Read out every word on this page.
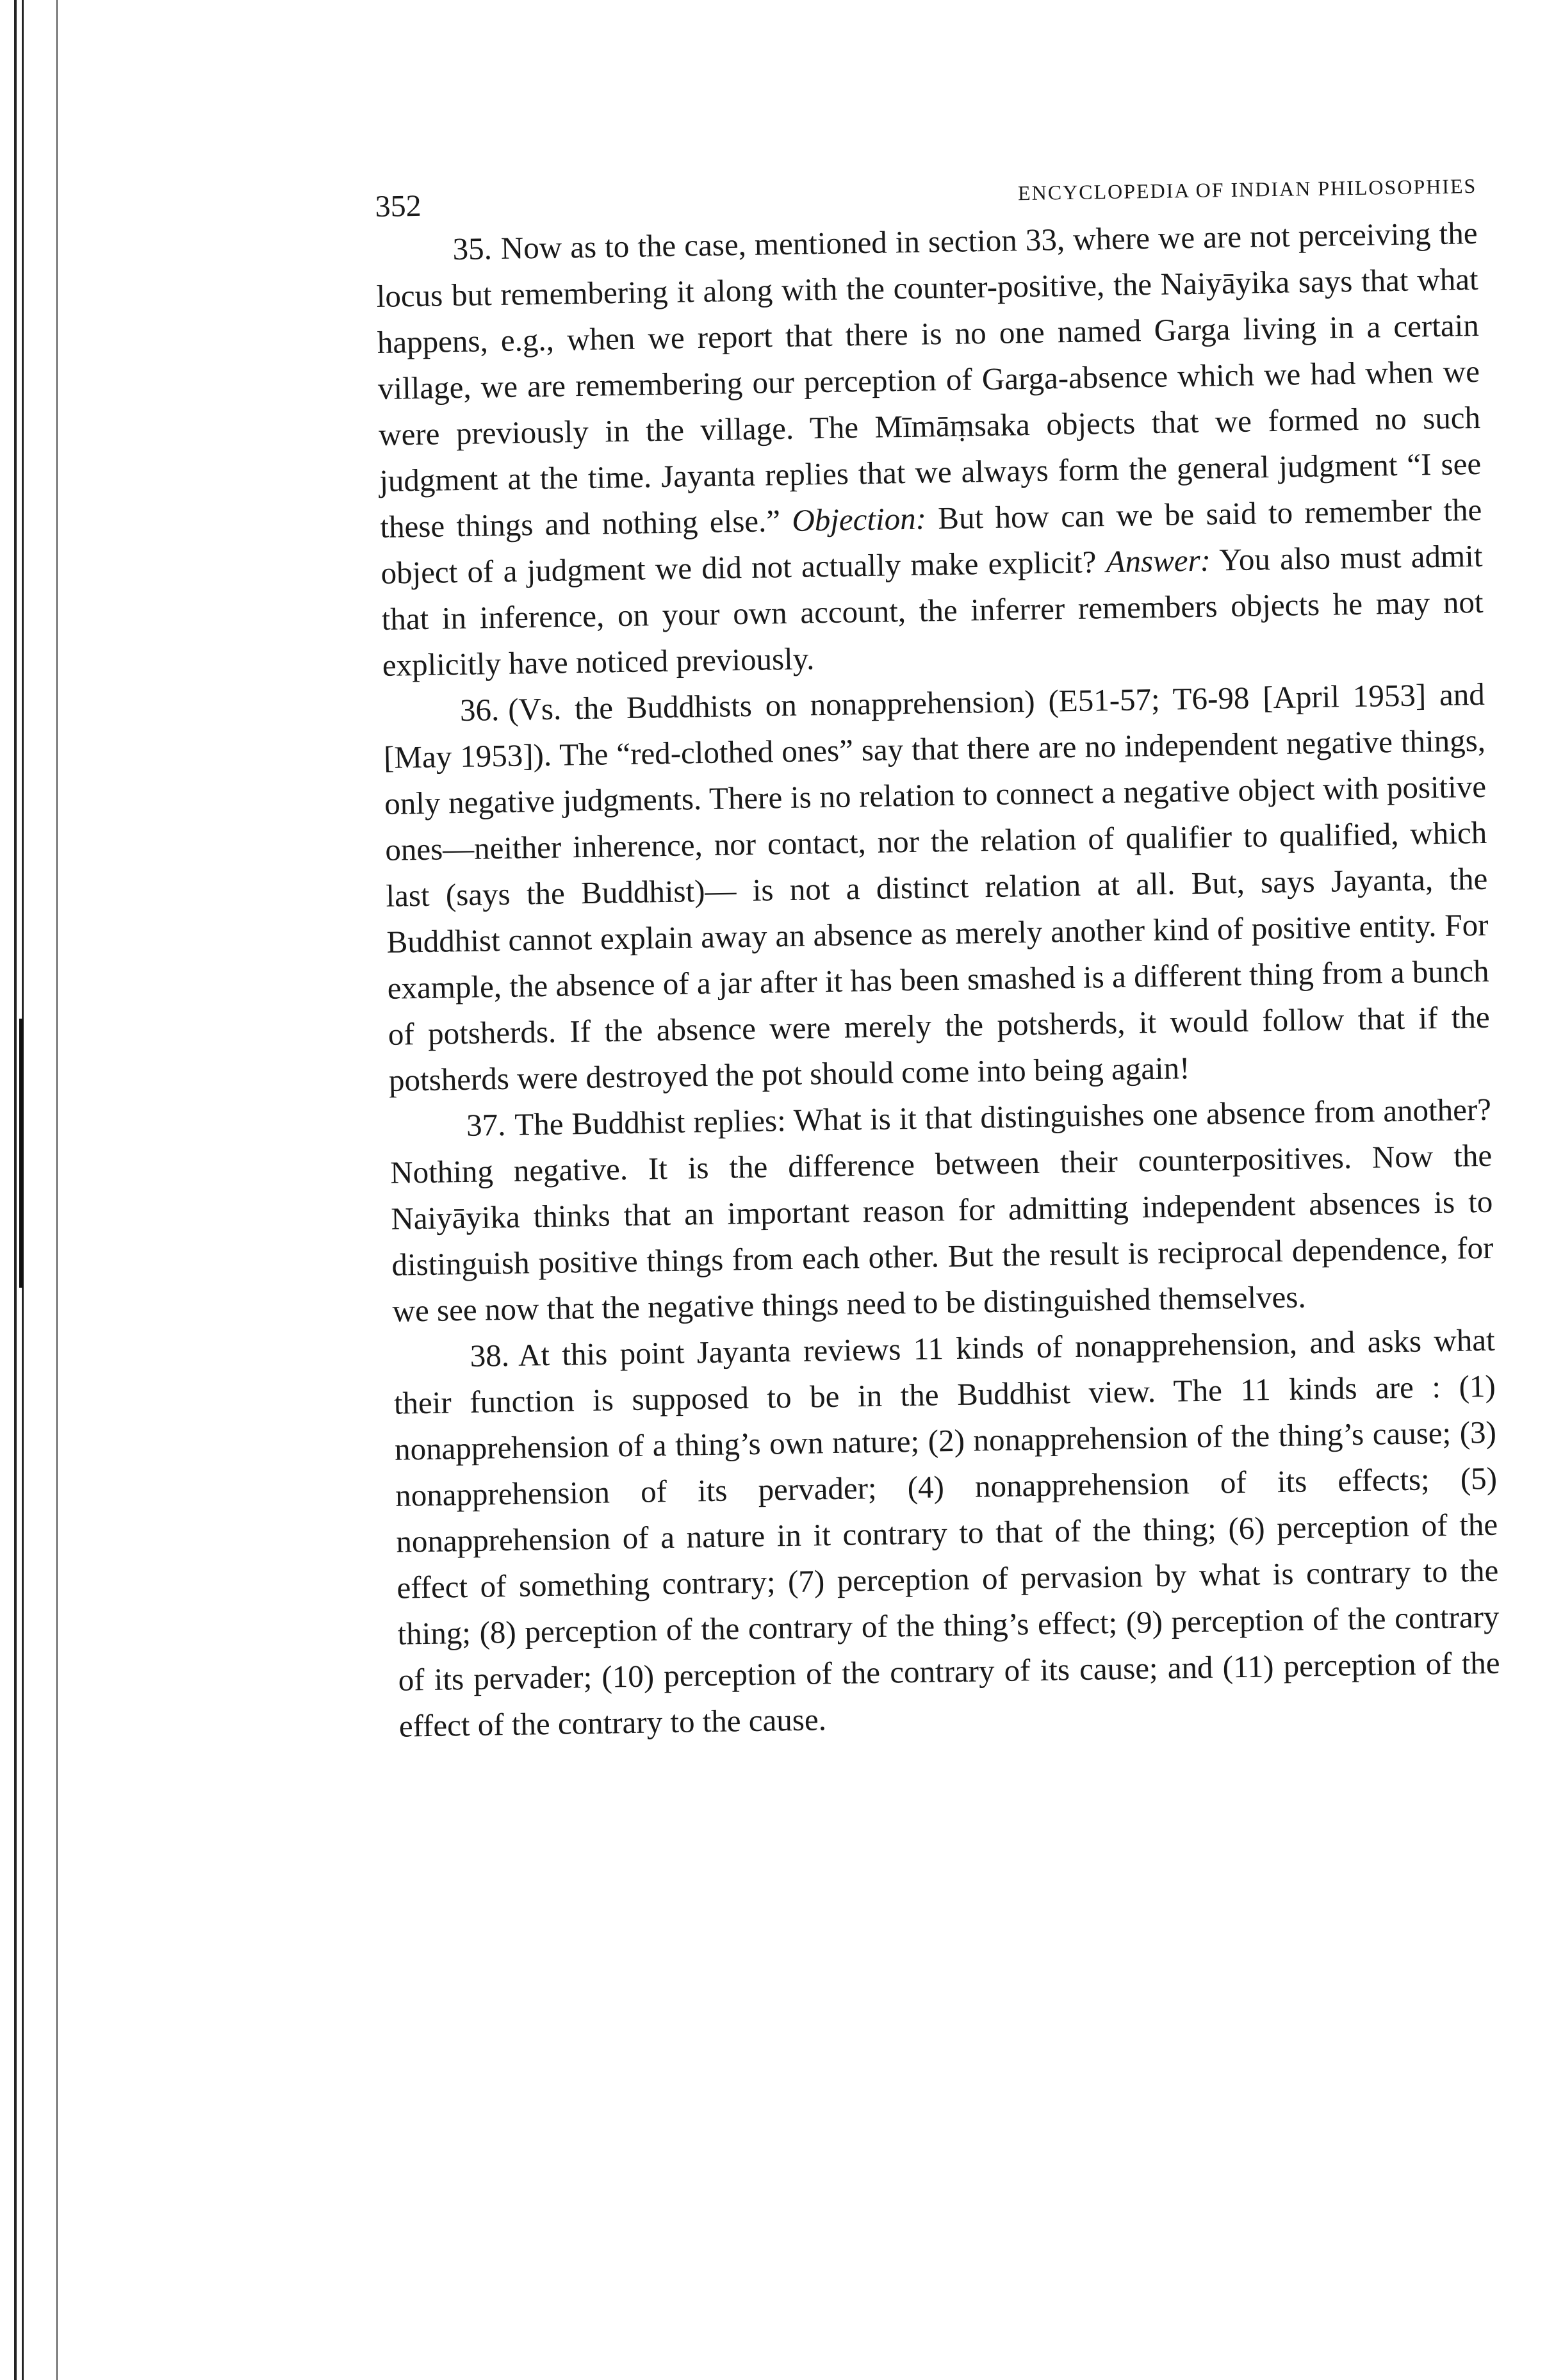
352	ENCYCLOPEDIA OF INDIAN PHILOSOPHIES

35. Now as to the case, mentioned in section 33, where we are not perceiving the locus but remembering it along with the counter-positive, the Naiyāyika says that what happens, e.g., when we report that there is no one named Garga living in a certain village, we are remembering our perception of Garga-absence which we had when we were previously in the village. The Mīmāṃsaka objects that we formed no such judgment at the time. Jayanta replies that we always form the general judgment “I see these things and nothing else.” Objection: But how can we be said to remember the object of a judgment we did not actually make explicit? Answer: You also must admit that in inference, on your own account, the inferrer remembers objects he may not explicitly have noticed previously.

36. (Vs. the Buddhists on nonapprehension) (E51-57; T6-98 [April 1953] and [May 1953]). The “red-clothed ones” say that there are no independent negative things, only negative judgments. There is no relation to connect a negative object with positive ones—neither inherence, nor contact, nor the relation of qualifier to qualified, which last (says the Buddhist)— is not a distinct relation at all. But, says Jayanta, the Buddhist cannot explain away an absence as merely another kind of positive entity. For example, the absence of a jar after it has been smashed is a different thing from a bunch of potsherds. If the absence were merely the potsherds, it would follow that if the potsherds were destroyed the pot should come into being again!

37. The Buddhist replies: What is it that distinguishes one absence from another? Nothing negative. It is the difference between their counterpositives. Now the Naiyāyika thinks that an important reason for admitting independent absences is to distinguish positive things from each other. But the result is reciprocal dependence, for we see now that the negative things need to be distinguished themselves.

38. At this point Jayanta reviews 11 kinds of nonapprehension, and asks what their function is supposed to be in the Buddhist view. The 11 kinds are : (1) nonapprehension of a thing’s own nature; (2) nonapprehension of the thing’s cause; (3) nonapprehension of its pervader; (4) nonapprehension of its effects; (5) nonapprehension of a nature in it contrary to that of the thing; (6) perception of the effect of something contrary; (7) perception of pervasion by what is contrary to the thing; (8) perception of the contrary of the thing’s effect; (9) perception of the contrary of its pervader; (10) perception of the contrary of its cause; and (11) perception of the effect of the contrary to the cause.
